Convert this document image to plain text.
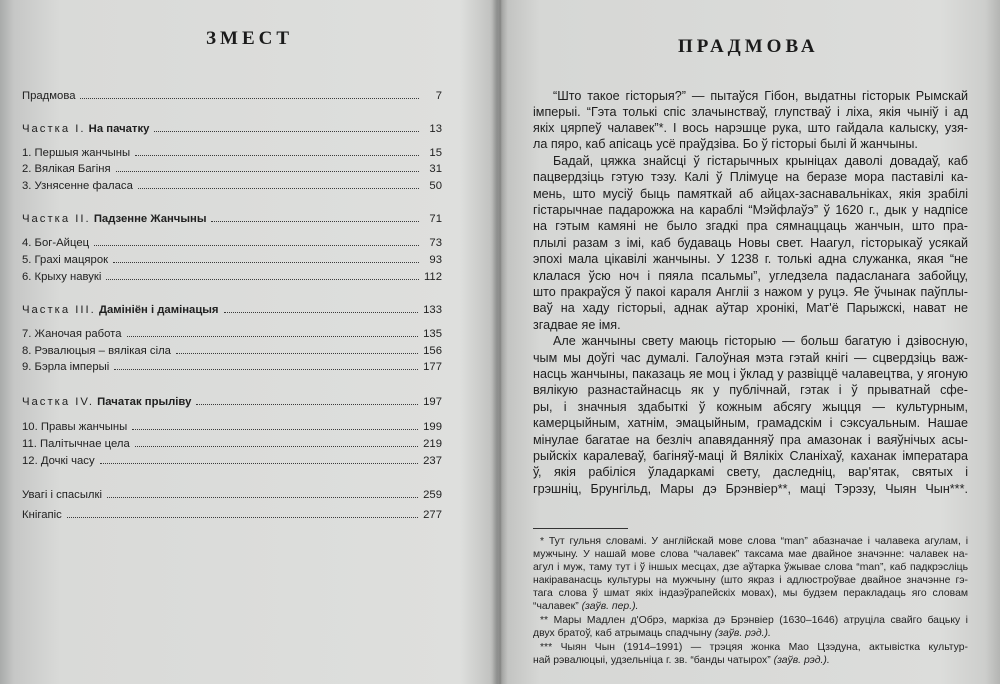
ЗМЕСТ
Прадмова	7
Частка I. На пачатку	13
1. Першыя жанчыны	15
2. Вялікая Багіня	31
3. Узнясенне фаласа	50
Частка II. Падзенне Жанчыны	71
4. Бог-Айцец	73
5. Грахі мацярок	93
6. Крыху навукі	112
Частка III. Дамініён і дамінацыя	133
7. Жаночая работа	135
8. Рэвалюцыя – вялікая сіла	156
9. Бэрла імперыі	177
Частка IV. Пачатак прыліву	197
10. Правы жанчыны	199
11. Палітычнае цела	219
12. Дочкі часу	237
Увагі і спасылкі	259
Кнігапіс	277
ПРАДМОВА

“Што такое гісторыя?” — пытаўся Гібон, выдатны гісторык Рымскай

імперыі. “Гэта толькі спіс злачынстваў, глупстваў і ліха, якія чыніў і ад

якіх цярпеў чалавек”*. І вось нарэшце рука, што гайдала калыску, узя-

ла пяро, каб апісаць усё праўдзіва. Бо ў гісторыі былі й жанчыны.

Бадай, цяжка знайсці ў гістарычных крыніцах даволі довадаў, каб

пацвердзіць гэтую тэзу. Калі ў Плімуце на беразе мора паставілі ка-

мень, што мусіў быць памяткай аб айцах-заснавальніках, якія зрабілі

гістарычнае падарожжа на караблі “Мэйфлаўэ” ў 1620 г., дык у надпісе

на гэтым камяні не было згадкі пра сямнаццаць жанчын, што пра-

плылі разам з імі, каб будаваць Новы свет. Наагул, гісторыкаў усякай

эпохі мала цікавілі жанчыны. У 1238 г. толькі адна служанка, якая “не

клалася ўсю ноч і пяяла псальмы”, угледзела падасланага забойцу,

што пракраўся ў пакоі караля Англіі з нажом у руцэ. Яе ўчынак паўплы-

ваў на хаду гісторыі, аднак аўтар хронікі, Мат'ё Парыжскі, нават не

згадвае яе імя.

Але жанчыны свету маюць гісторыю — больш багатую і дзівосную,

чым мы доўгі час думалі. Галоўная мэта гэтай кнігі — сцвердзіць важ-

насць жанчыны, паказаць яе моц і ўклад у развіццё чалавецтва, у ягоную

вялікую разнастайнасць як у публічнай, гэтак і ў прыватнай сфе-

ры, і значныя здабыткі ў кожным абсягу жыцця — культурным,

камерцыйным, хатнім, эмацыйным, грамадскім і сэксуальным. Нашае

мінулае багатае на безліч апавяданняў пра амазонак і ваяўнічых асы-

рыйскіх каралеваў, багіняў-маці й Вялікіх Сланіхаў, каханак імператара

ў, якія рабіліся ўладаркамі свету, даследніц, вар'ятак, святых і

грэшніц, Брунгільд, Мары дэ Брэнвіер**, маці Тэрэзу, Чыян Чын***.

* Тут гульня словамі. У англійскай мове слова “man” абазначае і чалавека агулам, і

мужчыну. У нашай мове слова “чалавек” таксама мае двайное значэнне: чалавек на-

агул і муж, таму тут і ў іншых месцах, дзе аўтарка ўжывае слова “man”, каб падкрэсліць

накіраванасць культуры на мужчыну (што якраз і адлюстроўвае двайное значэнне гэ-

тага слова ў шмат якіх індаэўрапейскіх мовах), мы будзем перакладаць яго словам

“чалавек” (заўв. пер.).

** Мары Мадлен д'Обрэ, маркіза дэ Брэнвіер (1630–1646) атруціла свайго бацьку і

двух братоў, каб атрымаць спадчыну (заўв. рэд.).

*** Чыян Чын (1914–1991) — трэцяя жонка Мао Цзэдуна, актывістка культур-

най рэвалюцыі, удзельніца г. зв. “банды чатырох” (заўв. рэд.).
